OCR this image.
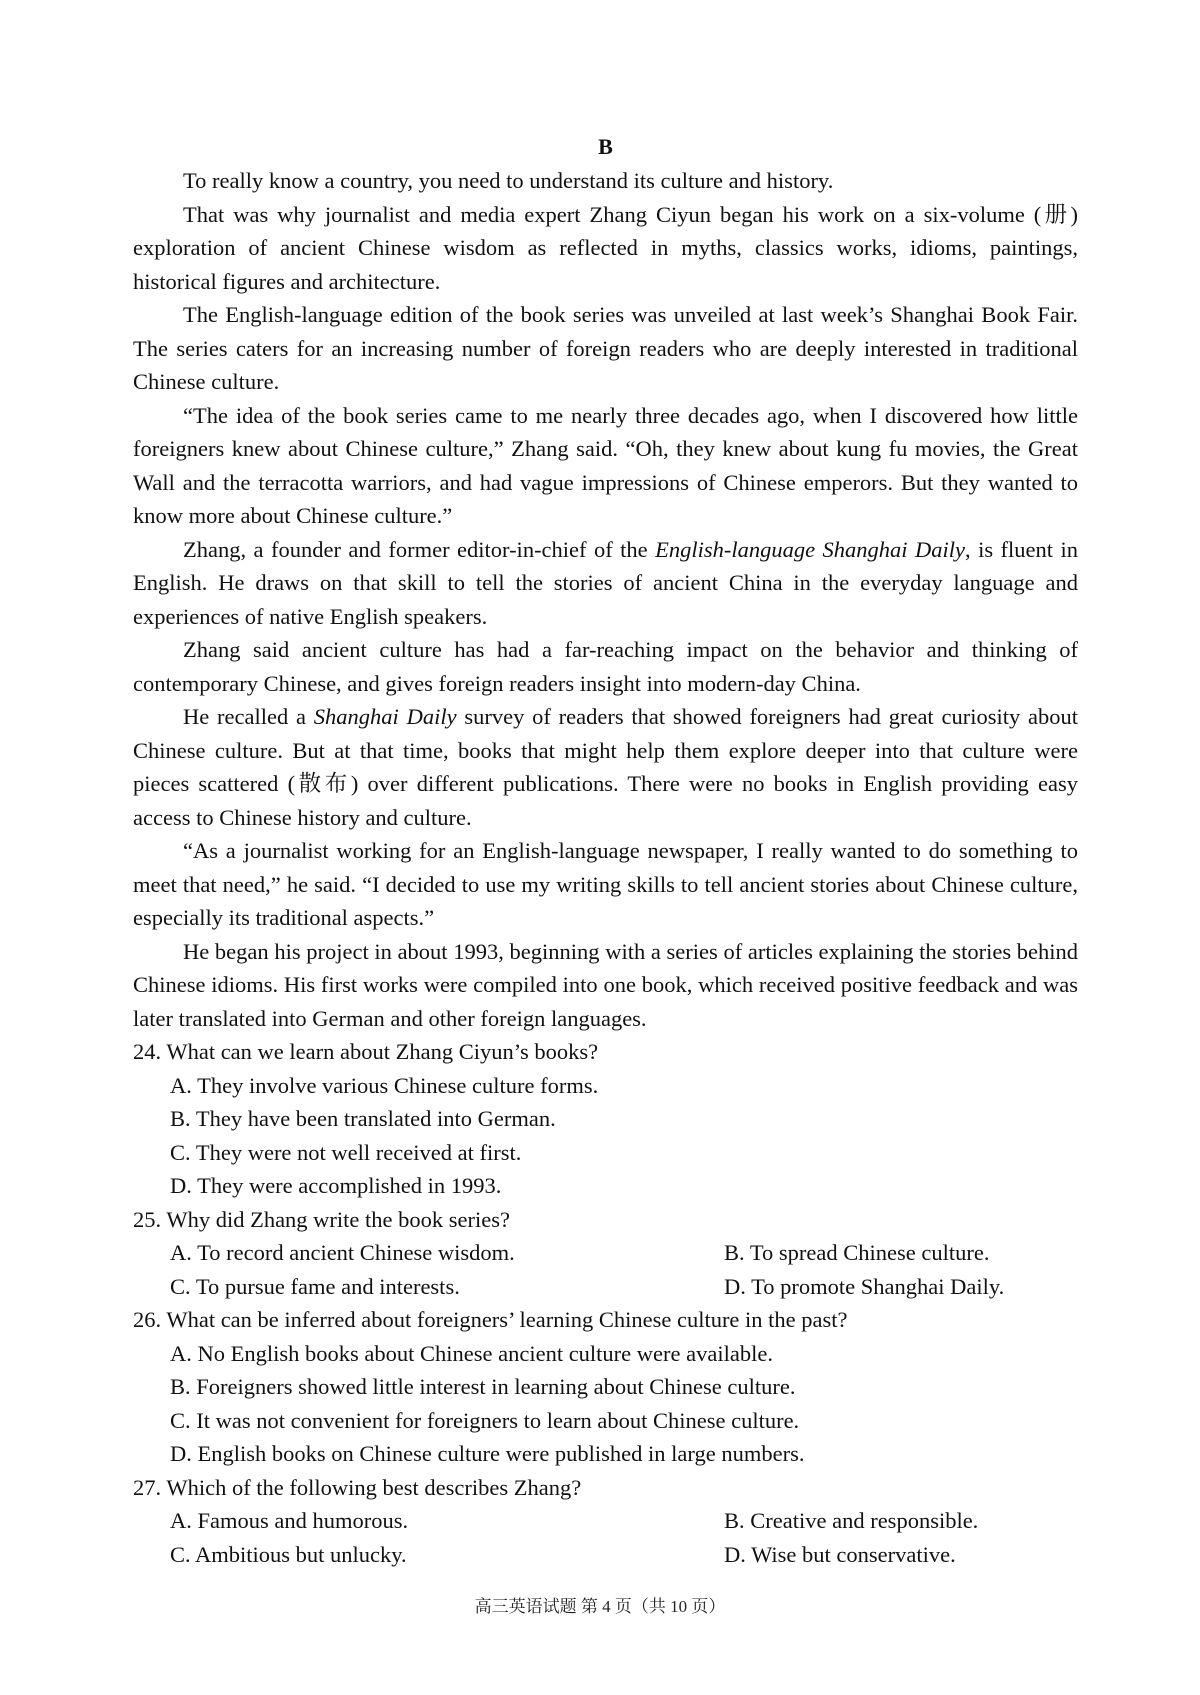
B

To really know a country, you need to understand its culture and history.

That was why journalist and media expert Zhang Ciyun began his work on a six-volume (册) exploration of ancient Chinese wisdom as reflected in myths, classics works, idioms, paintings, historical figures and architecture.

The English-language edition of the book series was unveiled at last week’s Shanghai Book Fair. The series caters for an increasing number of foreign readers who are deeply interested in traditional Chinese culture.

“The idea of the book series came to me nearly three decades ago, when I discovered how little foreigners knew about Chinese culture,” Zhang said. “Oh, they knew about kung fu movies, the Great Wall and the terracotta warriors, and had vague impressions of Chinese emperors. But they wanted to know more about Chinese culture.”

Zhang, a founder and former editor-in-chief of the English-language Shanghai Daily, is fluent in English. He draws on that skill to tell the stories of ancient China in the everyday language and experiences of native English speakers.

Zhang said ancient culture has had a far-reaching impact on the behavior and thinking of contemporary Chinese, and gives foreign readers insight into modern-day China.

He recalled a Shanghai Daily survey of readers that showed foreigners had great curiosity about Chinese culture. But at that time, books that might help them explore deeper into that culture were pieces scattered (散布) over different publications. There were no books in English providing easy access to Chinese history and culture.

“As a journalist working for an English-language newspaper, I really wanted to do something to meet that need,” he said. “I decided to use my writing skills to tell ancient stories about Chinese culture, especially its traditional aspects.”

He began his project in about 1993, beginning with a series of articles explaining the stories behind Chinese idioms. His first works were compiled into one book, which received positive feedback and was later translated into German and other foreign languages.

24. What can we learn about Zhang Ciyun’s books?

A. They involve various Chinese culture forms.

B. They have been translated into German.

C. They were not well received at first.

D. They were accomplished in 1993.

25. Why did Zhang write the book series?

A. To record ancient Chinese wisdom.	B. To spread Chinese culture.
C. To pursue fame and interests.	D. To promote Shanghai Daily.

26. What can be inferred about foreigners’ learning Chinese culture in the past?

A. No English books about Chinese ancient culture were available.

B. Foreigners showed little interest in learning about Chinese culture.

C. It was not convenient for foreigners to learn about Chinese culture.

D. English books on Chinese culture were published in large numbers.

27. Which of the following best describes Zhang?

A. Famous and humorous.	B. Creative and responsible.
C. Ambitious but unlucky.	D. Wise but conservative.
高三英语试题 第 4 页（共 10 页）
